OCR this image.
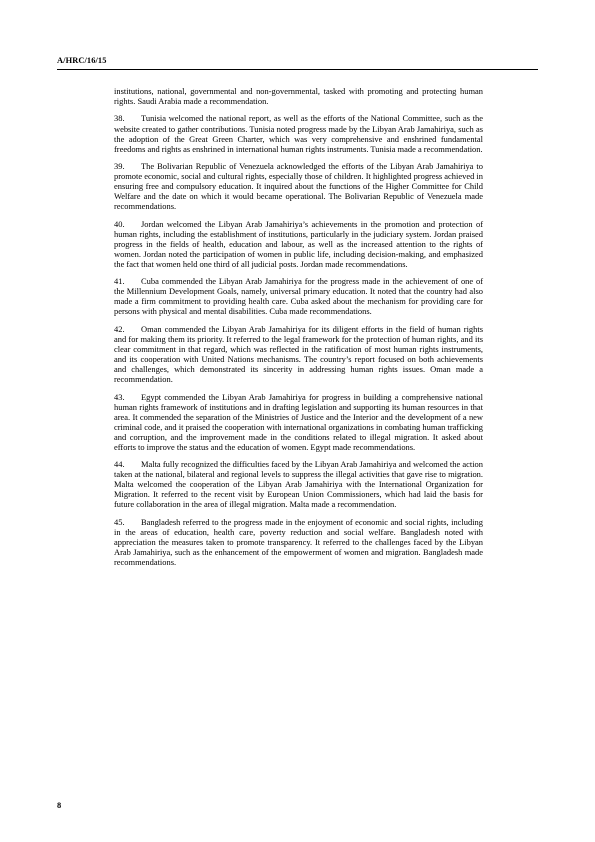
A/HRC/16/15

institutions, national, governmental and non-governmental, tasked with promoting and protecting human rights. Saudi Arabia made a recommendation.

38. Tunisia welcomed the national report, as well as the efforts of the National Committee, such as the website created to gather contributions. Tunisia noted progress made by the Libyan Arab Jamahiriya, such as the adoption of the Great Green Charter, which was very comprehensive and enshrined fundamental freedoms and rights as enshrined in international human rights instruments. Tunisia made a recommendation.

39. The Bolivarian Republic of Venezuela acknowledged the efforts of the Libyan Arab Jamahiriya to promote economic, social and cultural rights, especially those of children. It highlighted progress achieved in ensuring free and compulsory education. It inquired about the functions of the Higher Committee for Child Welfare and the date on which it would became operational. The Bolivarian Republic of Venezuela made recommendations.

40. Jordan welcomed the Libyan Arab Jamahiriya’s achievements in the promotion and protection of human rights, including the establishment of institutions, particularly in the judiciary system. Jordan praised progress in the fields of health, education and labour, as well as the increased attention to the rights of women. Jordan noted the participation of women in public life, including decision-making, and emphasized the fact that women held one third of all judicial posts. Jordan made recommendations.

41. Cuba commended the Libyan Arab Jamahiriya for the progress made in the achievement of one of the Millennium Development Goals, namely, universal primary education. It noted that the country had also made a firm commitment to providing health care. Cuba asked about the mechanism for providing care for persons with physical and mental disabilities. Cuba made recommendations.

42. Oman commended the Libyan Arab Jamahiriya for its diligent efforts in the field of human rights and for making them its priority. It referred to the legal framework for the protection of human rights, and its clear commitment in that regard, which was reflected in the ratification of most human rights instruments, and its cooperation with United Nations mechanisms. The country’s report focused on both achievements and challenges, which demonstrated its sincerity in addressing human rights issues. Oman made a recommendation.

43. Egypt commended the Libyan Arab Jamahiriya for progress in building a comprehensive national human rights framework of institutions and in drafting legislation and supporting its human resources in that area. It commended the separation of the Ministries of Justice and the Interior and the development of a new criminal code, and it praised the cooperation with international organizations in combating human trafficking and corruption, and the improvement made in the conditions related to illegal migration. It asked about efforts to improve the status and the education of women. Egypt made recommendations.

44. Malta fully recognized the difficulties faced by the Libyan Arab Jamahiriya and welcomed the action taken at the national, bilateral and regional levels to suppress the illegal activities that gave rise to migration. Malta welcomed the cooperation of the Libyan Arab Jamahiriya with the International Organization for Migration. It referred to the recent visit by European Union Commissioners, which had laid the basis for future collaboration in the area of illegal migration. Malta made a recommendation.

45. Bangladesh referred to the progress made in the enjoyment of economic and social rights, including in the areas of education, health care, poverty reduction and social welfare. Bangladesh noted with appreciation the measures taken to promote transparency. It referred to the challenges faced by the Libyan Arab Jamahiriya, such as the enhancement of the empowerment of women and migration. Bangladesh made recommendations.

8
